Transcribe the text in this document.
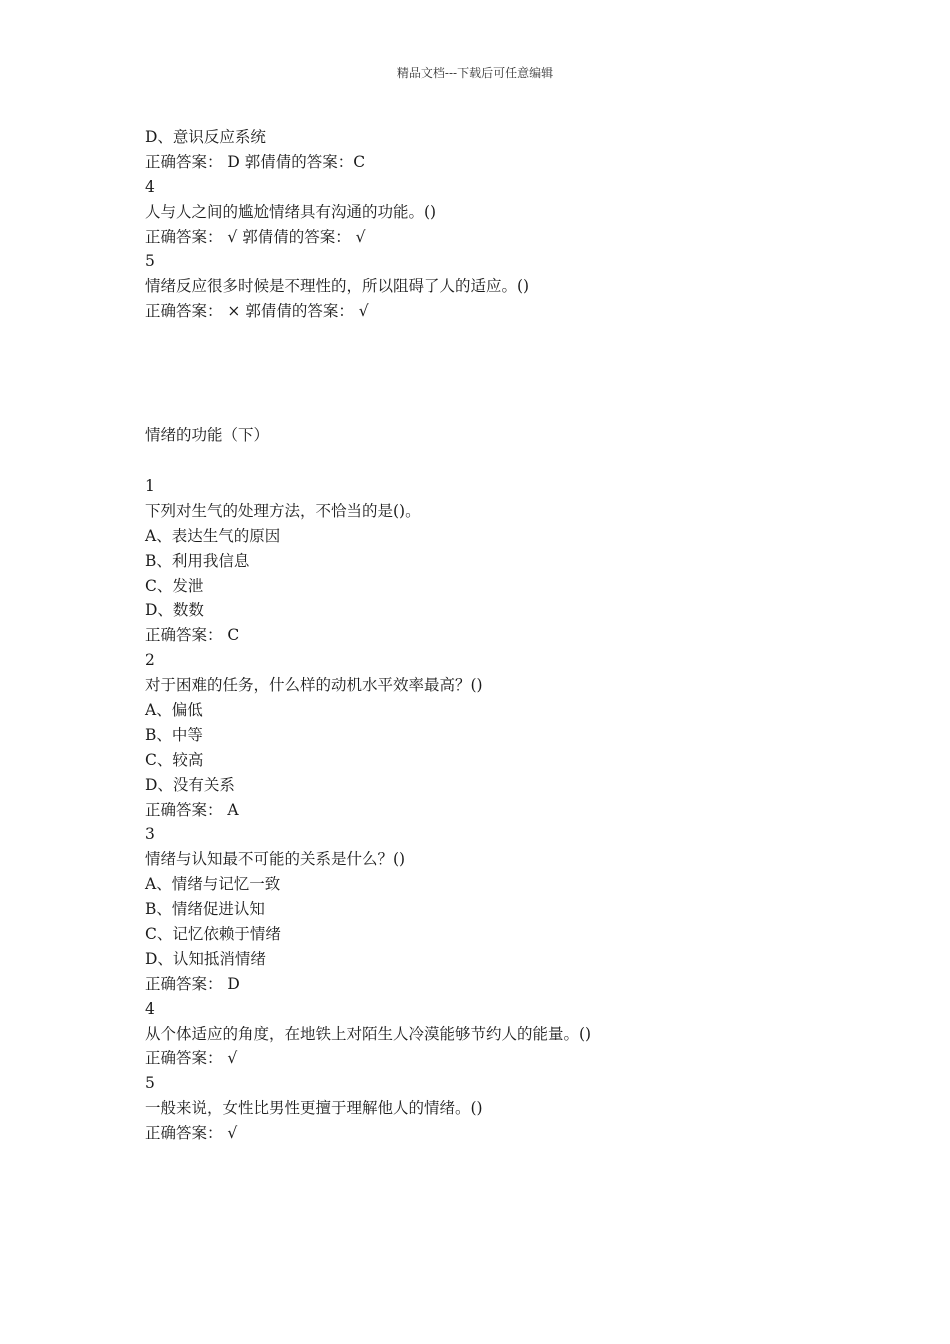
精品文档---下载后可任意编辑
D、意识反应系统
正确答案： D 郭倩倩的答案：C
4
人与人之间的尴尬情绪具有沟通的功能。()
正确答案： √ 郭倩倩的答案： √
5
情绪反应很多时候是不理性的，所以阻碍了人的适应。()
正确答案： × 郭倩倩的答案： √
情绪的功能（下）
1
下列对生气的处理方法，不恰当的是()。
A、表达生气的原因
B、利用我信息
C、发泄
D、数数
正确答案： C
2
对于困难的任务，什么样的动机水平效率最高？()
A、偏低
B、中等
C、较高
D、没有关系
正确答案： A
3
情绪与认知最不可能的关系是什么？()
A、情绪与记忆一致
B、情绪促进认知
C、记忆依赖于情绪
D、认知抵消情绪
正确答案： D
4
从个体适应的角度，在地铁上对陌生人冷漠能够节约人的能量。()
正确答案： √
5
一般来说，女性比男性更擅于理解他人的情绪。()
正确答案： √
